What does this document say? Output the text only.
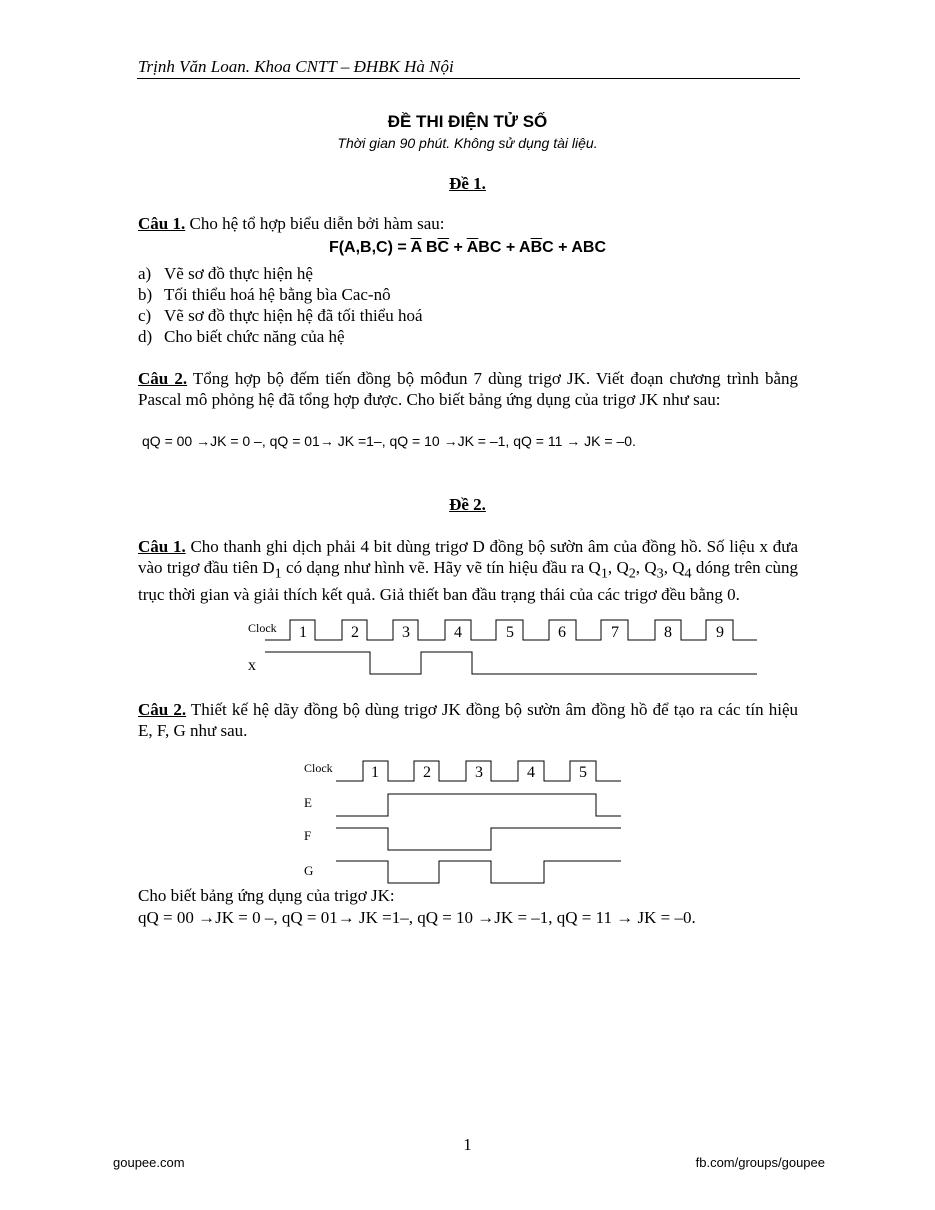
Trịnh Văn Loan. Khoa CNTT – ĐHBK Hà Nội
ĐỀ THI ĐIỆN TỬ SỐ
Thời gian 90 phút. Không sử dụng tài liệu.
Đề 1.
Câu 1. Cho hệ tổ hợp biểu diễn bởi hàm sau:
$F(A,B,C) = \overline{A}$ $B\overline{C} + \overline{A}BC + A\overline{B}C$ + ABC
a) Vẽ sơ đồ thực hiện hệ
b) Tối thiểu hoá hệ bằng bìa Cac-nô
c) Vẽ sơ đồ thực hiện hệ đã tối thiểu hoá
d) Cho biết chức năng của hệ
Câu 2. Tổng hợp bộ đếm tiến đồng bộ môđun 7 dùng trigơ JK. Viết đoạn chương trình bằng Pascal mô phỏng hệ đã tổng hợp được. Cho biết bảng ứng dụng của trigơ JK như sau:
qQ = 00 →JK = 0 –, qQ = 01→ JK =1–, qQ = 10 →JK = –1, qQ = 11 → JK = –0.
Đề 2.
Câu 1. Cho thanh ghi dịch phải 4 bit dùng trigơ D đồng bộ sườn âm của đồng hồ. Số liệu x đưa vào trigơ đầu tiên $D_1$ có dạng như hình vẽ. Hãy vẽ tín hiệu đầu ra $Q_1$, $Q_2$, $Q_3$, $Q_4$ dóng trên cùng trục thời gian và giải thích kết quả. Giả thiết ban đầu trạng thái của các trigơ đều bằng 0.
Clock 1	2	3	4	5	6	7	8	9
x
Câu 2. Thiết kế hệ dãy đồng bộ dùng trigơ JK đồng bộ sườn âm đồng hồ để tạo ra các tín hiệu E, F, G như sau.
Clock 1	2	3	4	5
E
F
G
Cho biết bảng ứng dụng của trigơ JK:
qQ = 00 →JK = 0 –, qQ = 01→ JK =1–, qQ = 10 →JK = –1, qQ = 11 → JK = –0.
1
goupee.com	fb.com/groups/goupee
